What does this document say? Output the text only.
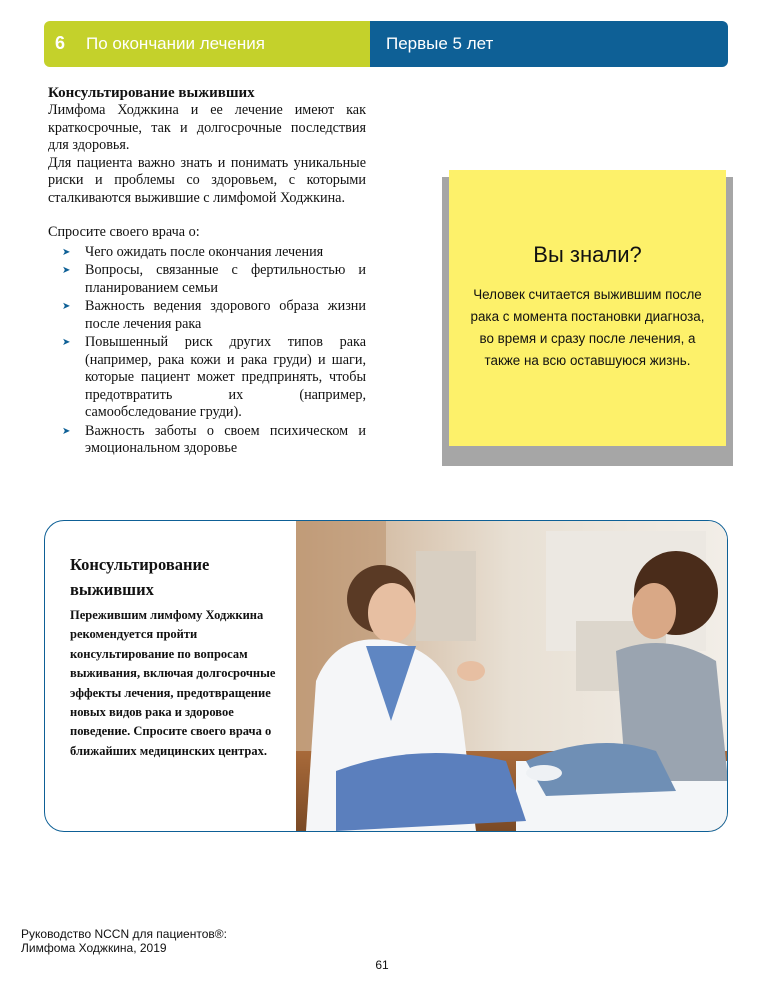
6 По окончании лечения	Первые 5 лет
Консультирование выживших

Лимфома Ходжкина и ее лечение имеют как краткосрочные, так и долгосрочные последствия для здоровья.

Для пациента важно знать и понимать уникальные риски и проблемы со здоровьем, с которыми сталкиваются выжившие с лимфомой Ходжкина.

Спросите своего врача о:

➤ Чего ожидать после окончания лечения
➤ Вопросы, связанные с фертильностью и планированием семьи
➤ Важность ведения здорового образа жизни после лечения рака
➤ Повышенный риск других типов рака (например, рака кожи и рака груди) и шаги, которые пациент может предпринять, чтобы предотвратить их (например, самообследование груди).
➤ Важность заботы о своем психическом и эмоциональном здоровье
Вы знали?
Человек считается выжившим после рака с момента постановки диагноза, во время и сразу после лечения, а также на всю оставшуюся жизнь.

Консультирование выживших

Пережившим лимфому Ходжкина рекомендуется пройти консультирование по вопросам выживания, включая долгосрочные эффекты лечения, предотвращение новых видов рака и здоровое поведение. Спросите своего врача о ближайших медицинских центрах.

Руководство NCCN для пациентов®:
Лимфома Ходжкина, 2019
61
